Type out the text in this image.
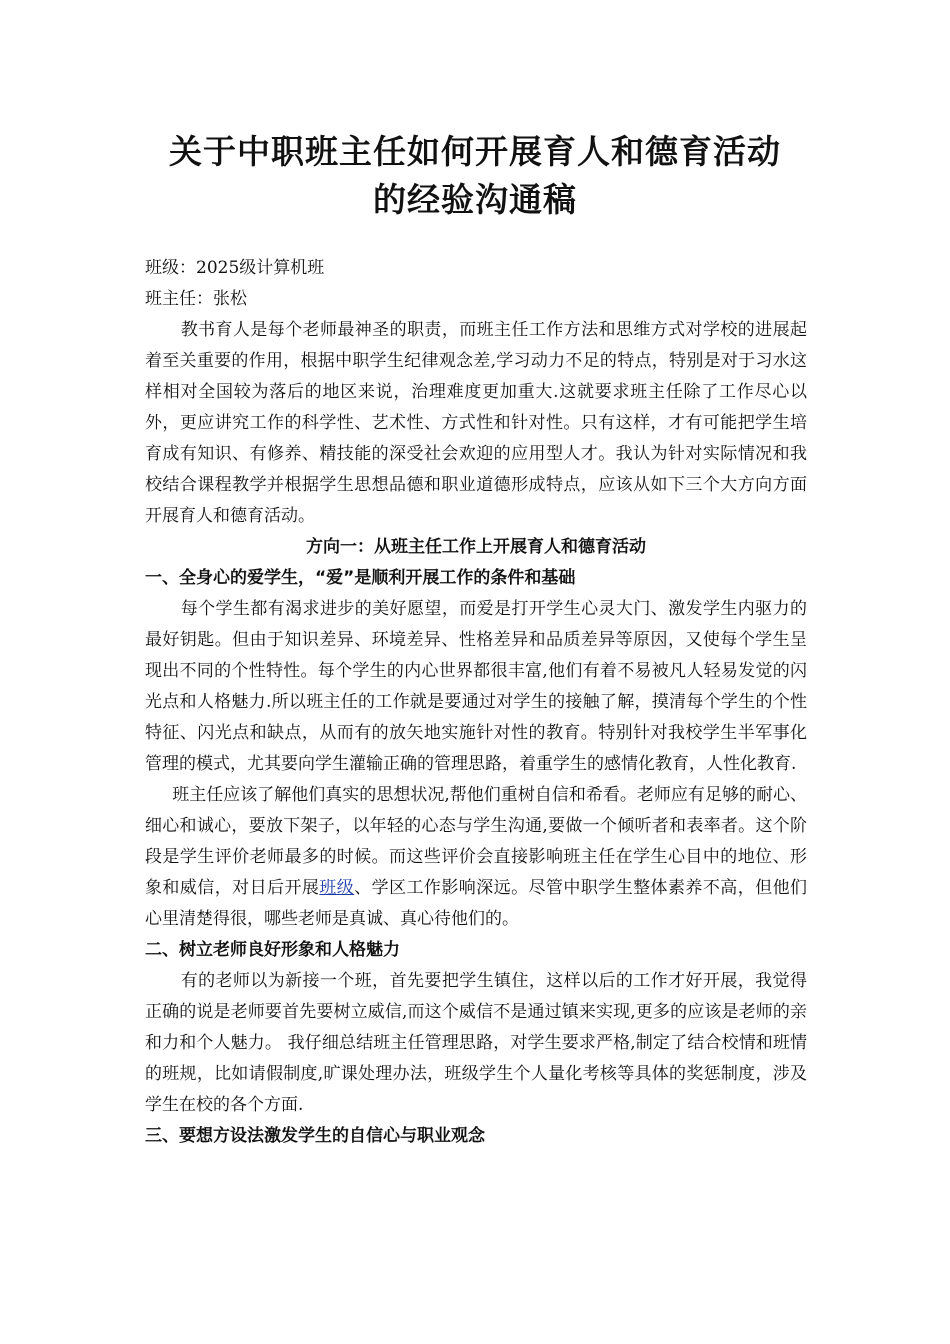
关于中职班主任如何开展育人和德育活动
的经验沟通稿

班级：2025级计算机班

班主任：张松

教书育人是每个老师最神圣的职责，而班主任工作方法和思维方式对学校的进展起着至关重要的作用，根据中职学生纪律观念差,学习动力不足的特点，特别是对于习水这样相对全国较为落后的地区来说，治理难度更加重大.这就要求班主任除了工作尽心以外，更应讲究工作的科学性、艺术性、方式性和针对性。只有这样，才有可能把学生培育成有知识、有修养、精技能的深受社会欢迎的应用型人才。我认为针对实际情况和我校结合课程教学并根据学生思想品德和职业道德形成特点，应该从如下三个大方向方面开展育人和德育活动。

方向一：从班主任工作上开展育人和德育活动

一、全身心的爱学生，“爱”是顺利开展工作的条件和基础

每个学生都有渴求进步的美好愿望，而爱是打开学生心灵大门、激发学生内驱力的最好钥匙。但由于知识差异、环境差异、性格差异和品质差异等原因，又使每个学生呈现出不同的个性特性。每个学生的内心世界都很丰富,他们有着不易被凡人轻易发觉的闪光点和人格魅力.所以班主任的工作就是要通过对学生的接触了解，摸清每个学生的个性特征、闪光点和缺点，从而有的放矢地实施针对性的教育。特别针对我校学生半军事化管理的模式，尤其要向学生灌输正确的管理思路，着重学生的感情化教育，人性化教育.

班主任应该了解他们真实的思想状况,帮他们重树自信和希看。老师应有足够的耐心、细心和诚心，要放下架子，以年轻的心态与学生沟通,要做一个倾听者和表率者。这个阶段是学生评价老师最多的时候。而这些评价会直接影响班主任在学生心目中的地位、形象和威信，对日后开展班级、学区工作影响深远。尽管中职学生整体素养不高，但他们心里清楚得很，哪些老师是真诚、真心待他们的。

二、树立老师良好形象和人格魅力

有的老师以为新接一个班，首先要把学生镇住，这样以后的工作才好开展，我觉得正确的说是老师要首先要树立威信,而这个威信不是通过镇来实现,更多的应该是老师的亲和力和个人魅力。 我仔细总结班主任管理思路，对学生要求严格,制定了结合校情和班情的班规，比如请假制度,旷课处理办法，班级学生个人量化考核等具体的奖惩制度，涉及学生在校的各个方面.

三、要想方设法激发学生的自信心与职业观念
